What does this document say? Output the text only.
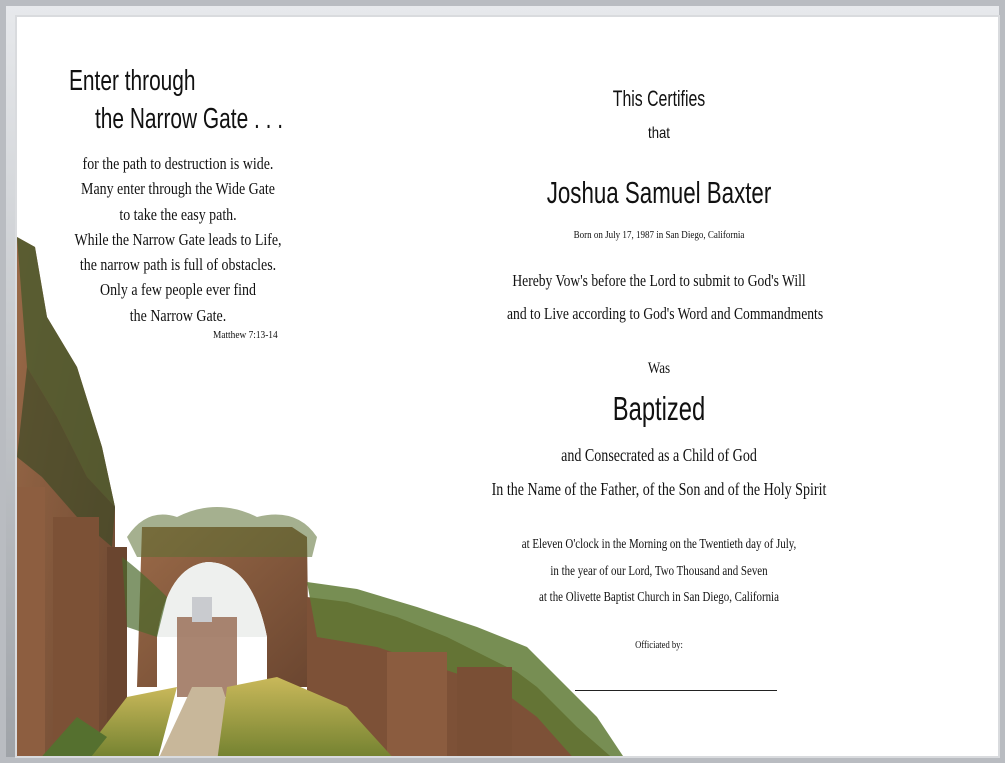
Enter through
the Narrow Gate . . .
for the path to destruction is wide.
Many enter through the Wide Gate
to take the easy path.
While the Narrow Gate leads to Life,
the narrow path is full of obstacles.
Only a few people ever find
the Narrow Gate.
Matthew 7:13-14
This Certifies
that
Joshua Samuel Baxter
Born on July 17, 1987 in San Diego, California
Hereby Vow's before the Lord to submit to God's Will
and to Live according to God's Word and Commandments
Was
Baptized
and Consecrated as a Child of God
In the Name of the Father, of the Son and of the Holy Spirit
at Eleven O'clock in the Morning on the Twentieth day of July,
in the year of our Lord, Two Thousand and Seven
at the Olivette Baptist Church in San Diego, California
Officiated by:
